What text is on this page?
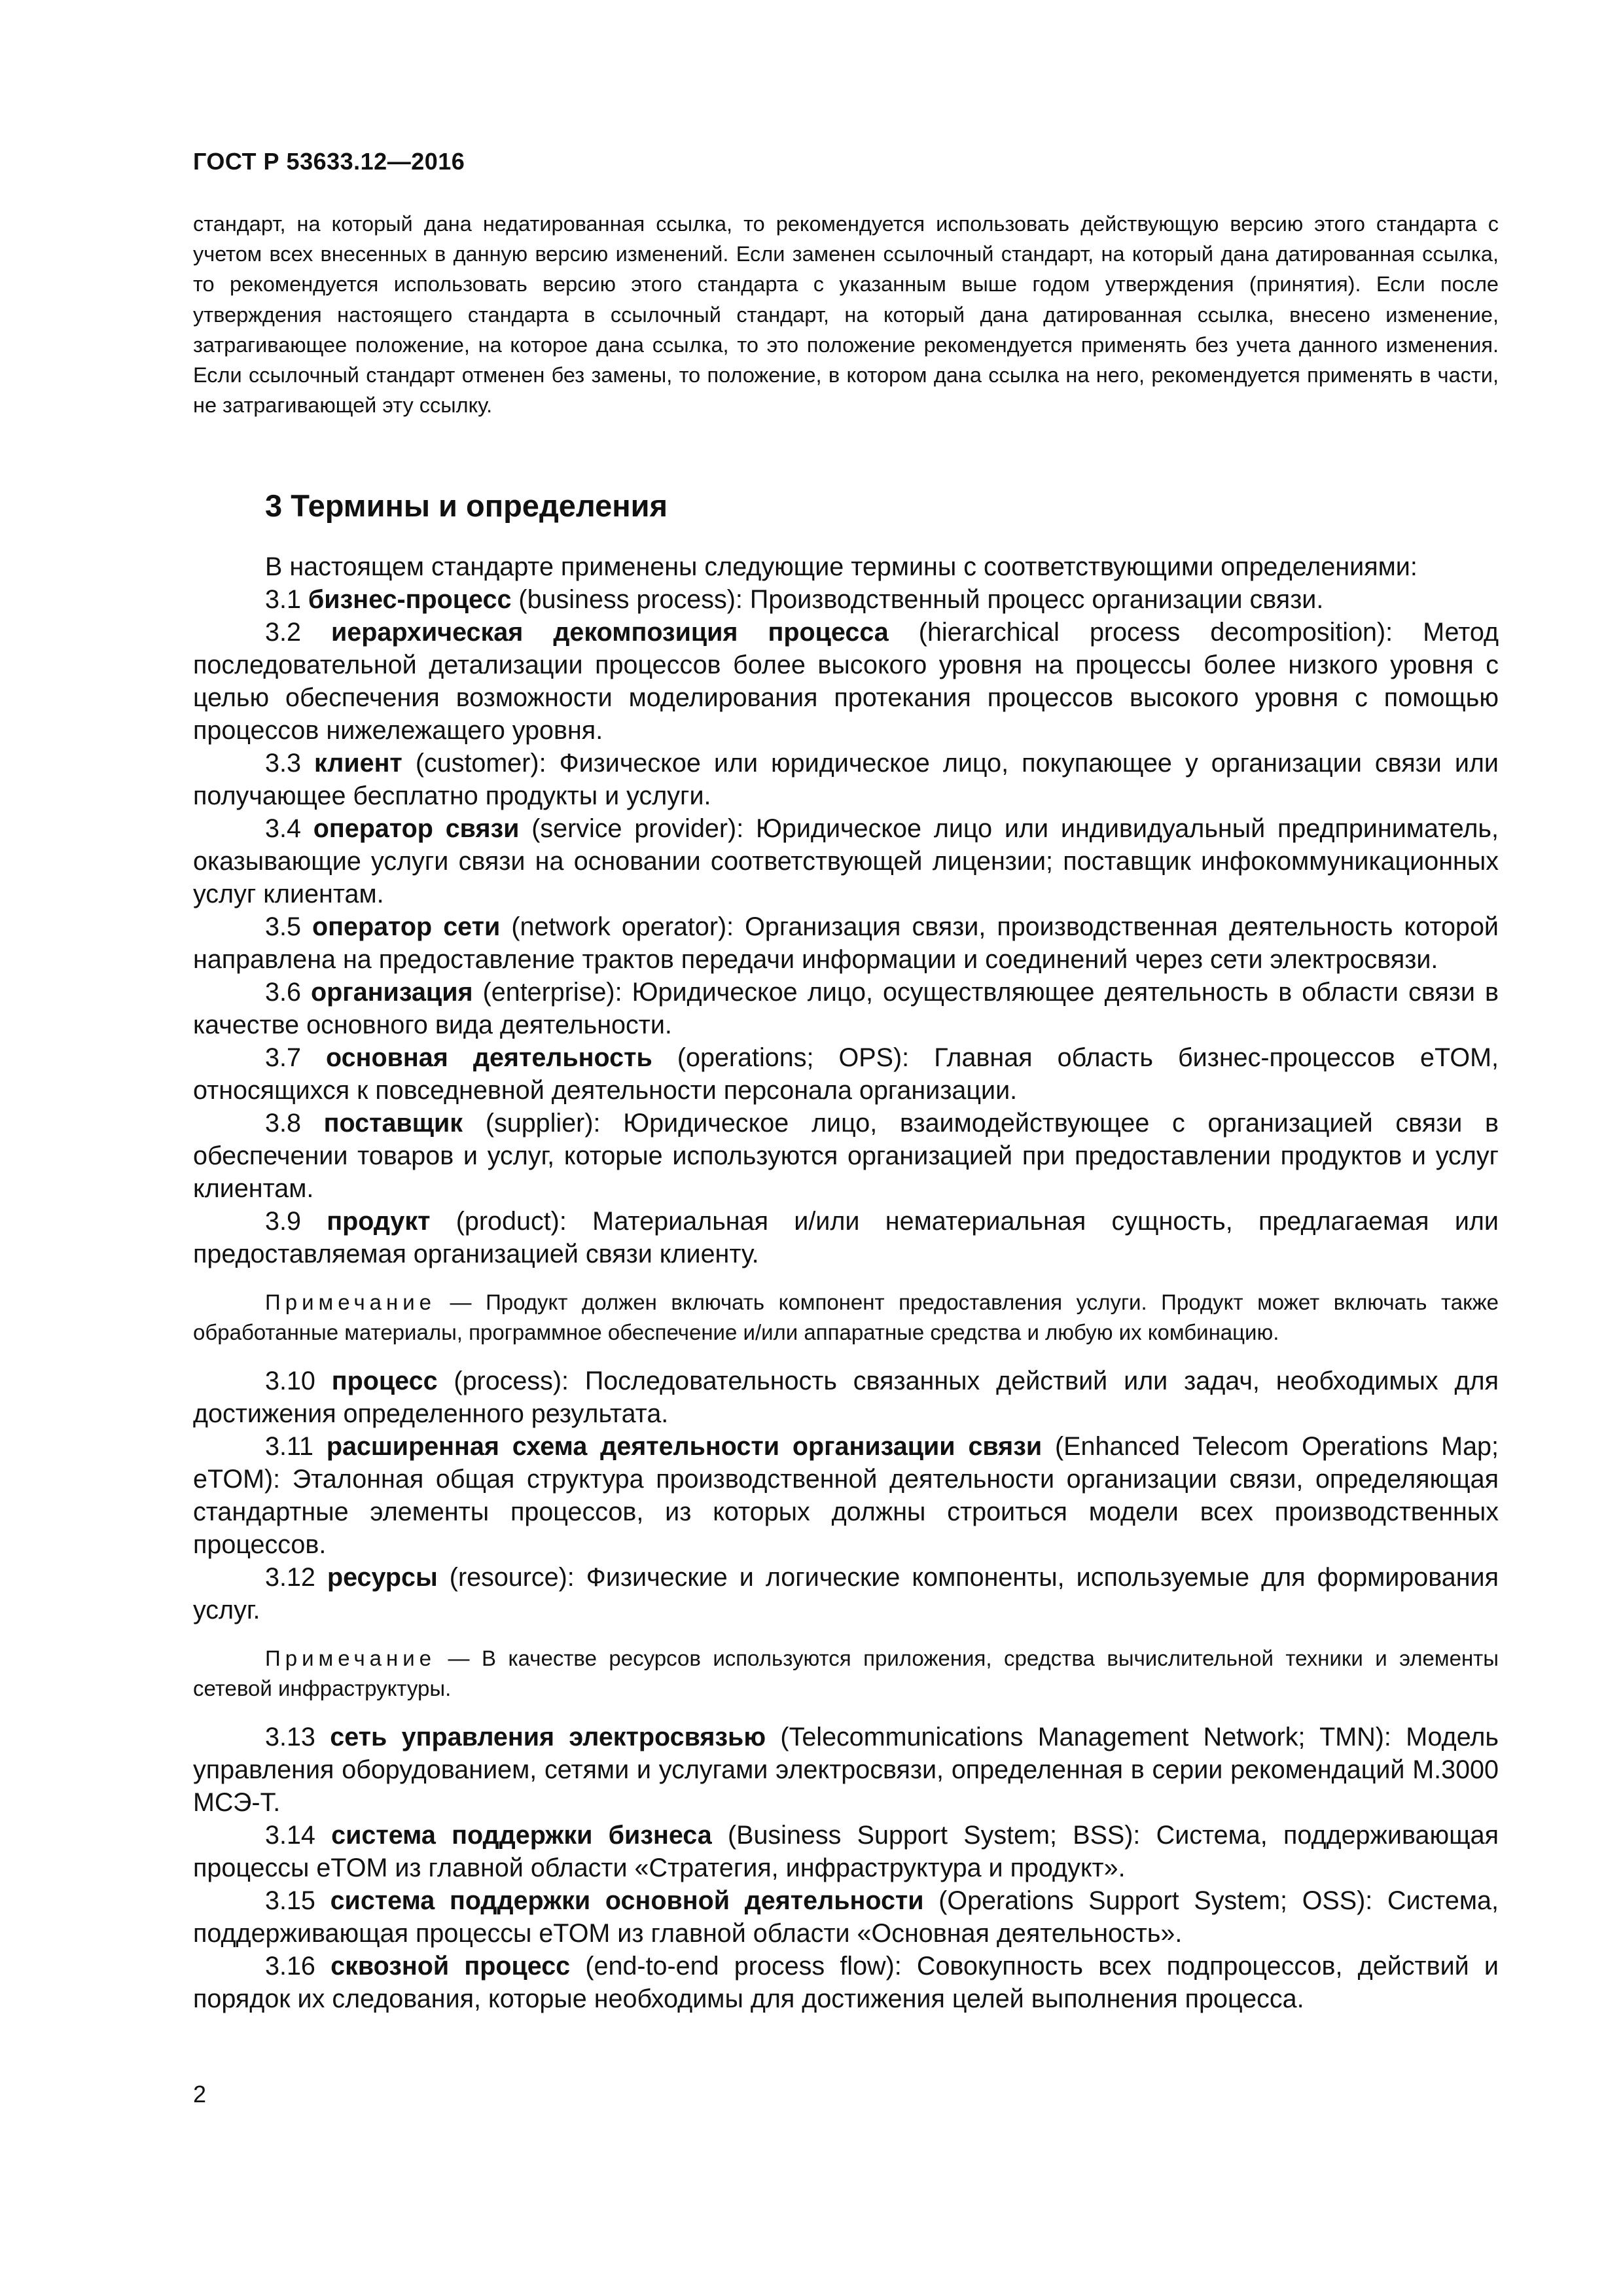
ГОСТ Р 53633.12—2016

стандарт, на который дана недатированная ссылка, то рекомендуется использовать действующую версию этого стандарта с учетом всех внесенных в данную версию изменений. Если заменен ссылочный стандарт, на который дана датированная ссылка, то рекомендуется использовать версию этого стандарта с указанным выше годом утверждения (принятия). Если после утверждения настоящего стандарта в ссылочный стандарт, на который дана датированная ссылка, внесено изменение, затрагивающее положение, на которое дана ссылка, то это положение рекомендуется применять без учета данного изменения. Если ссылочный стандарт отменен без замены, то положение, в котором дана ссылка на него, рекомендуется применять в части, не затрагивающей эту ссылку.

3 Термины и определения

В настоящем стандарте применены следующие термины с соответствующими определениями:

3.1 бизнес-процесс (business process): Производственный процесс организации связи.

3.2 иерархическая декомпозиция процесса (hierarchical process decomposition): Метод последовательной детализации процессов более высокого уровня на процессы более низкого уровня с целью обеспечения возможности моделирования протекания процессов высокого уровня с помощью процессов нижележащего уровня.

3.3 клиент (customer): Физическое или юридическое лицо, покупающее у организации связи или получающее бесплатно продукты и услуги.

3.4 оператор связи (service provider): Юридическое лицо или индивидуальный предприниматель, оказывающие услуги связи на основании соответствующей лицензии; поставщик инфокоммуникационных услуг клиентам.

3.5 оператор сети (network operator): Организация связи, производственная деятельность которой направлена на предоставление трактов передачи информации и соединений через сети электросвязи.

3.6 организация (enterprise): Юридическое лицо, осуществляющее деятельность в области связи в качестве основного вида деятельности.

3.7 основная деятельность (operations; OPS): Главная область бизнес-процессов eTOM, относящихся к повседневной деятельности персонала организации.

3.8 поставщик (supplier): Юридическое лицо, взаимодействующее с организацией связи в обеспечении товаров и услуг, которые используются организацией при предоставлении продуктов и услуг клиентам.

3.9 продукт (product): Материальная и/или нематериальная сущность, предлагаемая или предоставляемая организацией связи клиенту.

Примечание — Продукт должен включать компонент предоставления услуги. Продукт может включать также обработанные материалы, программное обеспечение и/или аппаратные средства и любую их комбинацию.

3.10 процесс (process): Последовательность связанных действий или задач, необходимых для достижения определенного результата.

3.11 расширенная схема деятельности организации связи (Enhanced Telecom Operations Map; eTOM): Эталонная общая структура производственной деятельности организации связи, определяющая стандартные элементы процессов, из которых должны строиться модели всех производственных процессов.

3.12 ресурсы (resource): Физические и логические компоненты, используемые для формирования услуг.

Примечание — В качестве ресурсов используются приложения, средства вычислительной техники и элементы сетевой инфраструктуры.

3.13 сеть управления электросвязью (Telecommunications Management Network; TMN): Модель управления оборудованием, сетями и услугами электросвязи, определенная в серии рекомендаций M.3000 МСЭ-Т.

3.14 система поддержки бизнеса (Business Support System; BSS): Система, поддерживающая процессы eTOM из главной области «Стратегия, инфраструктура и продукт».

3.15 система поддержки основной деятельности (Operations Support System; OSS): Система, поддерживающая процессы eTOM из главной области «Основная деятельность».

3.16 сквозной процесс (end-to-end process flow): Совокупность всех подпроцессов, действий и порядок их следования, которые необходимы для достижения целей выполнения процесса.

2
